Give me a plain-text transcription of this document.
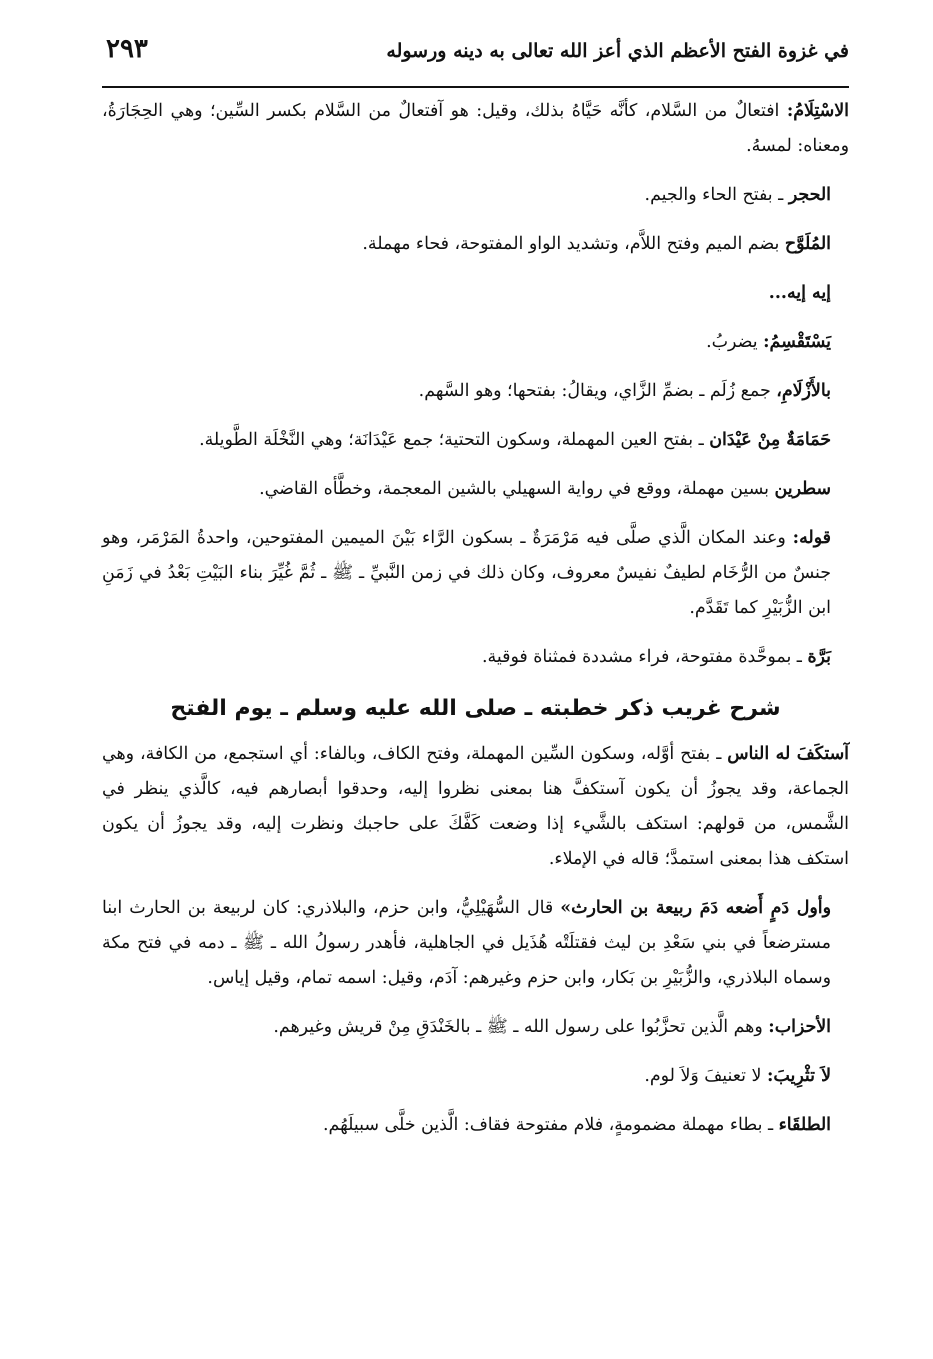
في غزوة الفتح الأعظم الذي أعز الله تعالى به دينه ورسوله
٢٩٣

الاسْتِلَامُ: افتعالٌ من السَّلام، كأنَّه حَيَّاهُ بذلك، وقيل: هو آفتعالٌ من السَّلام بكسر السِّين؛ وهي الحِجَارَةُ، ومعناه: لمسهُ.

الحجر ـ بفتح الحاء والجيم.

المُلَوَّح بضم الميم وفتح اللاَّم، وتشديد الواو المفتوحة، فحاء مهملة.

إيه إيه...

يَسْتَقْسِمُ: يضربُ.

بالأَزْلَامِ، جمع زُلَم ـ بضمِّ الزَّاي، ويقالُ: بفتحها؛ وهو السَّهم.

حَمَامَةٌ مِنْ عَيْدَان ـ بفتح العين المهملة، وسكون التحتية؛ جمع عَيْدَانَة؛ وهي النَّخْلَة الطَّويلة.

سطرين بسين مهملة، ووقع في رواية السهيلي بالشين المعجمة، وخطَّأه القاضي.

قوله: وعند المكان الَّذي صلَّى فيه مَرْمَرَةٌ ـ بسكون الرَّاء بَيْنَ الميمين المفتوحين، واحدةُ المَرْمَر، وهو جنسٌ من الرُّخَام لطيفٌ نفيسٌ معروف، وكان ذلك في زمن النَّبيِّ ـ ﷺ ـ ثُمَّ غُيِّرَ بناء البَيْتِ بَعْدُ في زَمَنِ ابن الزُّبَيْرِ كما تَقَدَّم.

بَرَّة ـ بموحَّدة مفتوحة، فراء مشددة فمثناة فوقية.

شرح غريب ذكر خطبته ـ صلى الله عليه وسلم ـ يوم الفتح

آستكَفَ له الناس ـ بفتح أوَّله، وسكون السِّين المهملة، وفتح الكاف، وبالفاء: أي استجمع، من الكافة، وهي الجماعة، وقد يجوزُ أن يكون آستكفَّ هنا بمعنى نظروا إليه، وحدقوا أبصارهم فيه، كالَّذي ينظر في الشَّمس، من قولهم: استكف بالشَّيء إذا وضعت كَفَّكَ على حاجبك ونظرت إليه، وقد يجوزُ أن يكون استكف هذا بمعنى استمدَّ؛ قاله في الإملاء.

وأول دَمٍ أَضعه دَمَ ربيعة بن الحارث» قال السُّهَيْلِيُّ، وابن حزم، والبلاذري: كان لربيعة بن الحارث ابنا مسترضعاً في بني سَعْدِ بن ليث فقتلَتْه هُذَيل في الجاهلية، فأهدر رسولُ الله ـ ﷺ ـ دمه في فتح مكة وسماه البلاذري، والزُّبَيْرِ بن بَكار، وابن حزم وغيرهم: آدَم، وقيل: اسمه تمام، وقيل إياس.

الأحزاب: وهم الَّذين تحزَّبُوا على رسول الله ـ ﷺ ـ بالخَنْدَقِ مِنْ قريش وغيرهم.

لاَ تثْرِيبَ: لا تعنيفَ وَلاَ لوم.

الطلقَاء ـ بطاء مهملة مضمومةٍ، فلام مفتوحة فقاف: الَّذين خلَّى سبيلَهُم.
